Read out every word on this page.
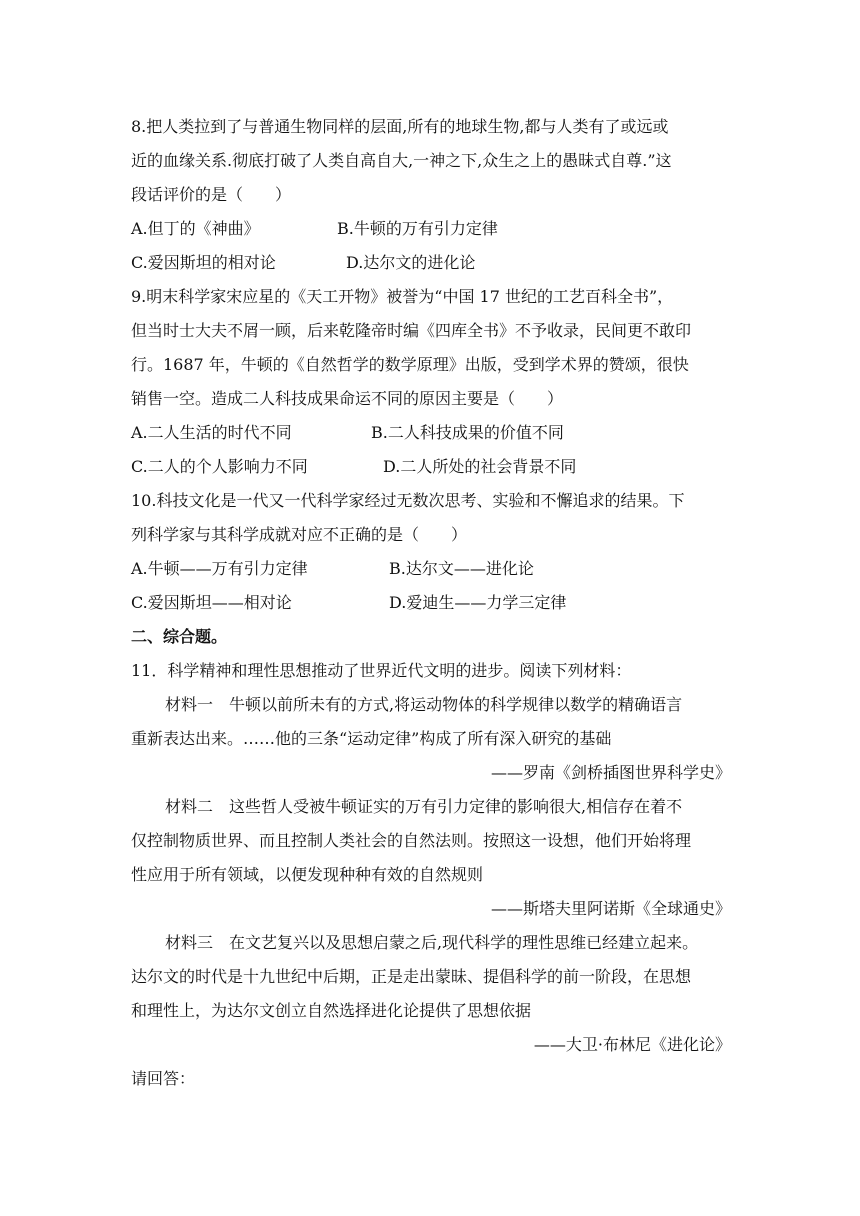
8.把人类拉到了与普通生物同样的层面,所有的地球生物,都与人类有了或远或
近的血缘关系.彻底打破了人类自高自大,一神之下,众生之上的愚昧式自尊.”这
段话评价的是（　　）
A.但丁的《神曲》	B.牛顿的万有引力定律
C.爱因斯坦的相对论	D.达尔文的进化论
9.明末科学家宋应星的《天工开物》被誉为“中国 17 世纪的工艺百科全书”，
但当时士大夫不屑一顾，后来乾隆帝时编《四库全书》不予收录，民间更不敢印
行。1687 年，牛顿的《自然哲学的数学原理》出版，受到学术界的赞颂，很快
销售一空。造成二人科技成果命运不同的原因主要是（　　）
A.二人生活的时代不同	B.二人科技成果的价值不同
C.二人的个人影响力不同	D.二人所处的社会背景不同
10.科技文化是一代又一代科学家经过无数次思考、实验和不懈追求的结果。下
列科学家与其科学成就对应不正确的是（　　）
A.牛顿——万有引力定律	B.达尔文——进化论
C.爱因斯坦——相对论	D.爱迪生——力学三定律
二、综合题。
11．科学精神和理性思想推动了世界近代文明的进步。阅读下列材料：
材料一　牛顿以前所未有的方式,将运动物体的科学规律以数学的精确语言
重新表达出来。……他的三条“运动定律”构成了所有深入研究的基础
——罗南《剑桥插图世界科学史》
材料二　这些哲人受被牛顿证实的万有引力定律的影响很大,相信存在着不
仅控制物质世界、而且控制人类社会的自然法则。按照这一设想，他们开始将理
性应用于所有领域，以便发现种种有效的自然规则
——斯塔夫里阿诺斯《全球通史》
材料三　在文艺复兴以及思想启蒙之后,现代科学的理性思维已经建立起来。
达尔文的时代是十九世纪中后期，正是走出蒙昧、提倡科学的前一阶段，在思想
和理性上，为达尔文创立自然选择进化论提供了思想依据
——大卫·布林尼《进化论》
请回答：
